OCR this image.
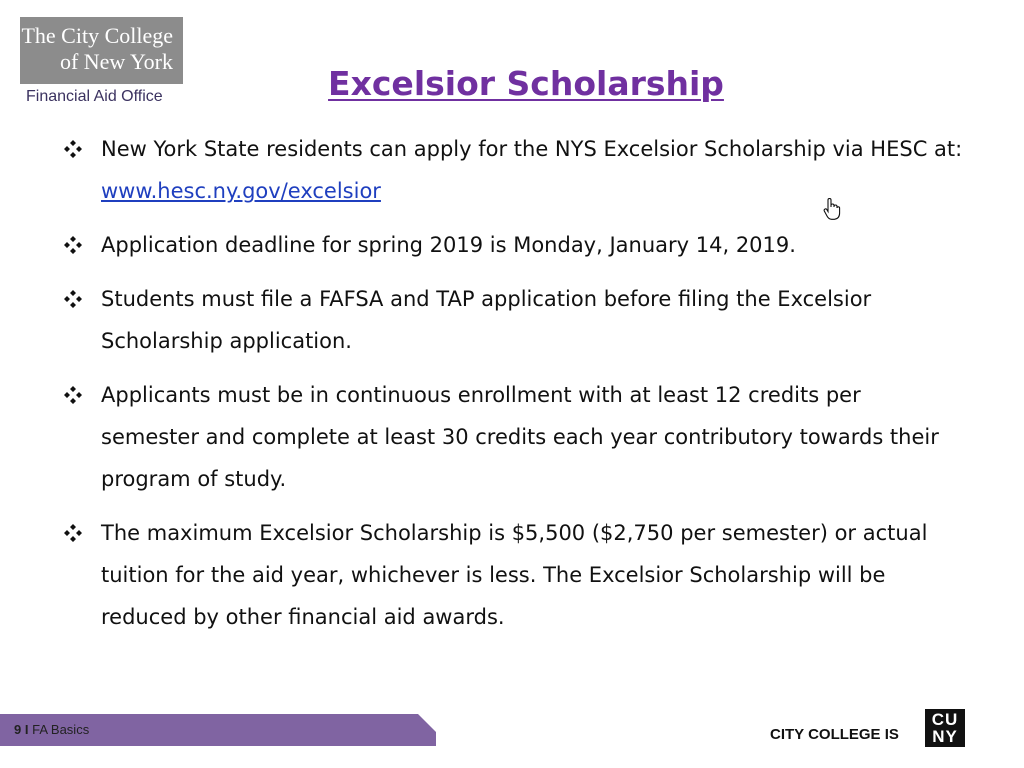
The City College
of New York
Financial Aid Office	Excelsior Scholarship
New York State residents can apply for the NYS Excelsior Scholarship via HESC at: www.hesc.ny.gov/excelsior
Application deadline for spring 2019 is Monday, January 14, 2019.
Students must file a FAFSA and TAP application before filing the Excelsior Scholarship application.
Applicants must be in continuous enrollment with at least 12 credits per semester and complete at least 30 credits each year contributory towards their program of study.
The maximum Excelsior Scholarship is $5,500 ($2,750 per semester) or actual tuition for the aid year, whichever is less. The Excelsior Scholarship will be reduced by other financial aid awards.
9 I FA Basics	CITY COLLEGE IS
CU
NY
